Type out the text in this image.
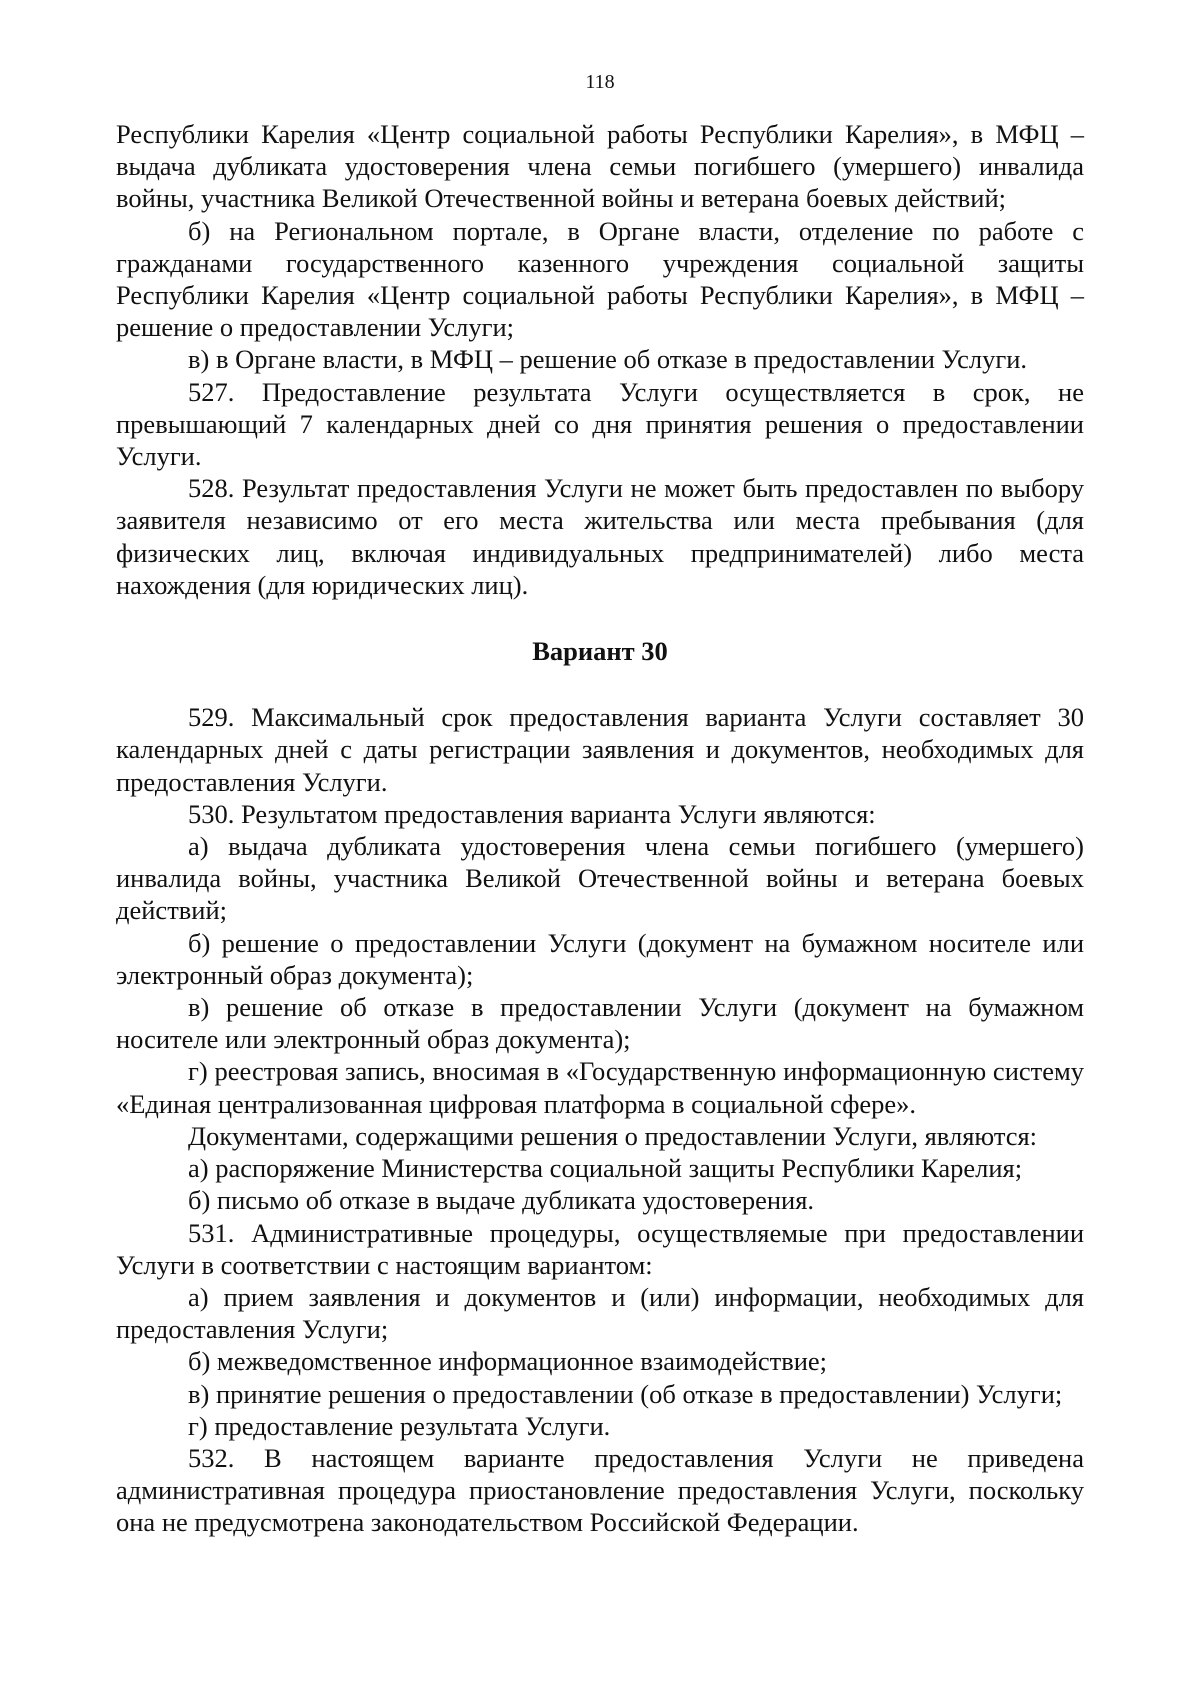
118

Республики Карелия «Центр социальной работы Республики Карелия», в МФЦ – выдача дубликата удостоверения члена семьи погибшего (умершего) инвалида войны, участника Великой Отечественной войны и ветерана боевых действий;

б) на Региональном портале, в Органе власти, отделение по работе с гражданами государственного казенного учреждения социальной защиты Республики Карелия «Центр социальной работы Республики Карелия», в МФЦ – решение о предоставлении Услуги;

в) в Органе власти, в МФЦ – решение об отказе в предоставлении Услуги.

527. Предоставление результата Услуги осуществляется в срок, не превышающий 7 календарных дней со дня принятия решения о предоставлении Услуги.

528. Результат предоставления Услуги не может быть предоставлен по выбору заявителя независимо от его места жительства или места пребывания (для физических лиц, включая индивидуальных предпринимателей) либо места нахождения (для юридических лиц).

Вариант 30

529. Максимальный срок предоставления варианта Услуги составляет 30 календарных дней с даты регистрации заявления и документов, необходимых для предоставления Услуги.

530. Результатом предоставления варианта Услуги являются:

а) выдача дубликата удостоверения члена семьи погибшего (умершего) инвалида войны, участника Великой Отечественной войны и ветерана боевых действий;

б) решение о предоставлении Услуги (документ на бумажном носителе или электронный образ документа);

в) решение об отказе в предоставлении Услуги (документ на бумажном носителе или электронный образ документа);

г) реестровая запись, вносимая в «Государственную информационную систему «Единая централизованная цифровая платформа в социальной сфере».

Документами, содержащими решения о предоставлении Услуги, являются:

а) распоряжение Министерства социальной защиты Республики Карелия;

б) письмо об отказе в выдаче дубликата удостоверения.

531. Административные процедуры, осуществляемые при предоставлении Услуги в соответствии с настоящим вариантом:

а) прием заявления и документов и (или) информации, необходимых для предоставления Услуги;

б) межведомственное информационное взаимодействие;

в) принятие решения о предоставлении (об отказе в предоставлении) Услуги;

г) предоставление результата Услуги.

532. В настоящем варианте предоставления Услуги не приведена административная процедура приостановление предоставления Услуги, поскольку она не предусмотрена законодательством Российской Федерации.
